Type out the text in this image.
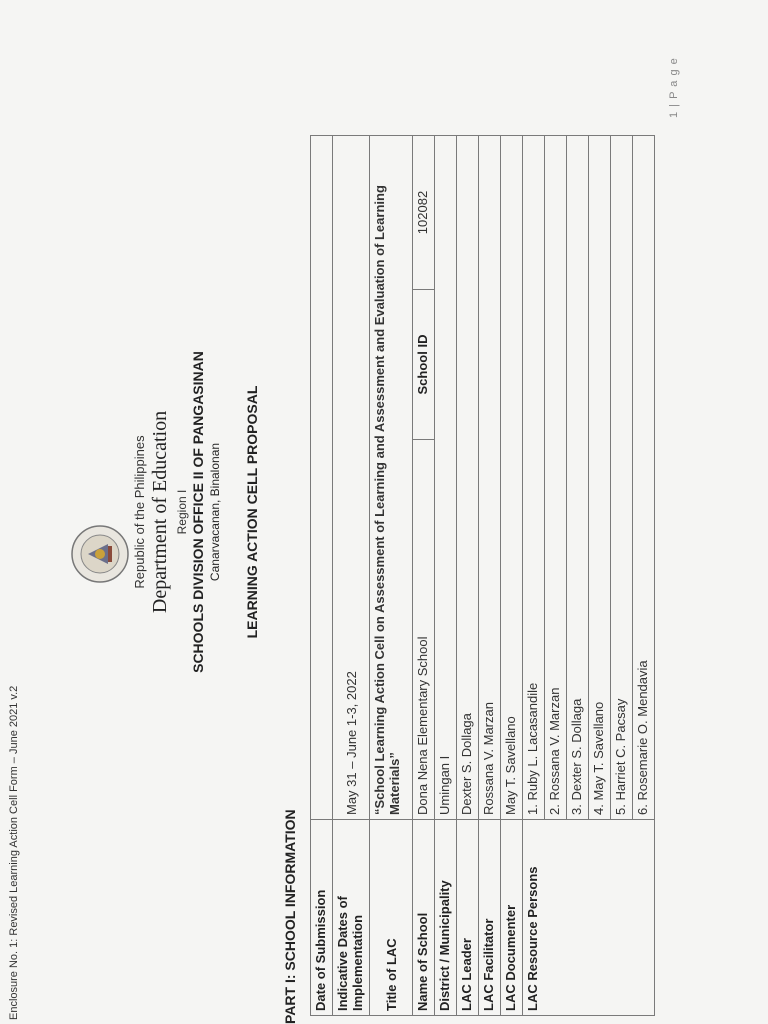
Enclosure No. 1: Revised Learning Action Cell Form – June 2021 v.2
Republic of the Philippines Department of Education Region I SCHOOLS DIVISION OFFICE II OF PANGASINAN Canarvacanan, Binalonan LEARNING ACTION CELL PROPOSAL
PART I: SCHOOL INFORMATION Date of Submission			
Indicative Dates of Implementation	May 31 – June 1-3, 2022		
Title of LAC	“School Learning Action Cell on Assessment of Learning and Assessment and Evaluation of Learning Materials”		
Name of School	Dona Nena Elementary School	School ID	102082
District / Municipality	Umingan I		
LAC Leader	Dexter S. Dollaga		
LAC Facilitator	Rossana V. Marzan		
LAC Documenter	May T. Savellano		
LAC Resource Persons	1. Ruby L. Lacasandile		
	2. Rossana V. Marzan		
	3. Dexter S. Dollaga		
	4. May T. Savellano		
	5. Harriet C. Pacsay		
	6. Rosemarie O. Mendavia		
1 | P a g e
